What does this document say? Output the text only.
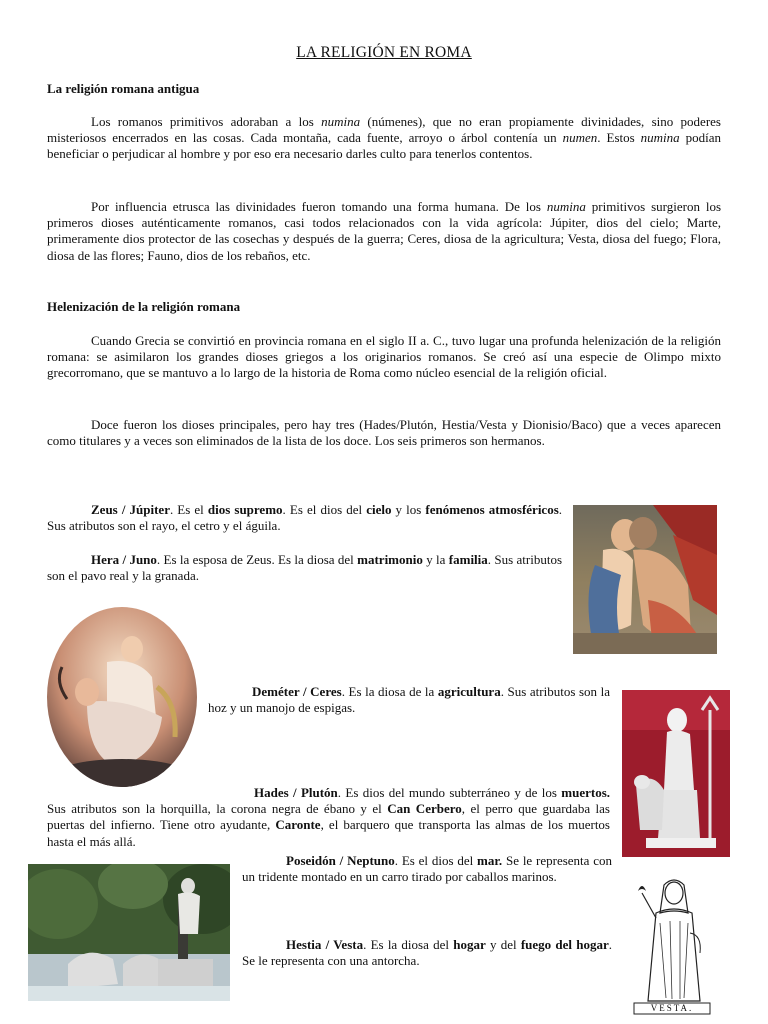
LA RELIGIÓN EN ROMA
La religión romana antigua
Los romanos primitivos adoraban a los numina (númenes), que no eran propiamente divinidades, sino poderes misteriosos encerrados en las cosas. Cada montaña, cada fuente, arroyo o árbol contenía un numen. Estos numina podían beneficiar o perjudicar al hombre y por eso era necesario darles culto para tenerlos contentos.
Por influencia etrusca las divinidades fueron tomando una forma humana. De los numina primitivos surgieron los primeros dioses auténticamente romanos, casi todos relacionados con la vida agrícola: Júpiter, dios del cielo; Marte, primeramente dios protector de las cosechas y después de la guerra; Ceres, diosa de la agricultura; Vesta, diosa del fuego; Flora, diosa de las flores; Fauno, dios de los rebaños, etc.
Helenización de la religión romana
Cuando Grecia se convirtió en provincia romana en el siglo II a. C., tuvo lugar una profunda helenización de la religión romana: se asimilaron los grandes dioses griegos a los originarios romanos. Se creó así una especie de Olimpo mixto grecorromano, que se mantuvo a lo largo de la historia de Roma como núcleo esencial de la religión oficial.
Doce fueron los dioses principales, pero hay tres (Hades/Plutón, Hestia/Vesta y Dionisio/Baco) que a veces aparecen como titulares y a veces son eliminados de la lista de los doce. Los seis primeros son hermanos.
Zeus / Júpiter. Es el dios supremo. Es el dios del cielo y los fenómenos atmosféricos. Sus atributos son el rayo, el cetro y el águila.
Hera / Juno. Es la esposa de Zeus. Es la diosa del matrimonio y la familia. Sus atributos son el pavo real y la granada.
Deméter / Ceres. Es la diosa de la agricultura. Sus atributos son la hoz y un manojo de espigas.
Hades / Plutón. Es dios del mundo subterráneo y de los muertos. Sus atributos son la horquilla, la corona negra de ébano y el Can Cerbero, el perro que guardaba las puertas del infierno. Tiene otro ayudante, Caronte, el barquero que transporta las almas de los muertos hasta el más allá.
Poseidón / Neptuno. Es el dios del mar. Se le representa con un tridente montado en un carro tirado por caballos marinos.
Hestia / Vesta. Es la diosa del hogar y del fuego del hogar. Se le representa con una antorcha.
VESTA.
